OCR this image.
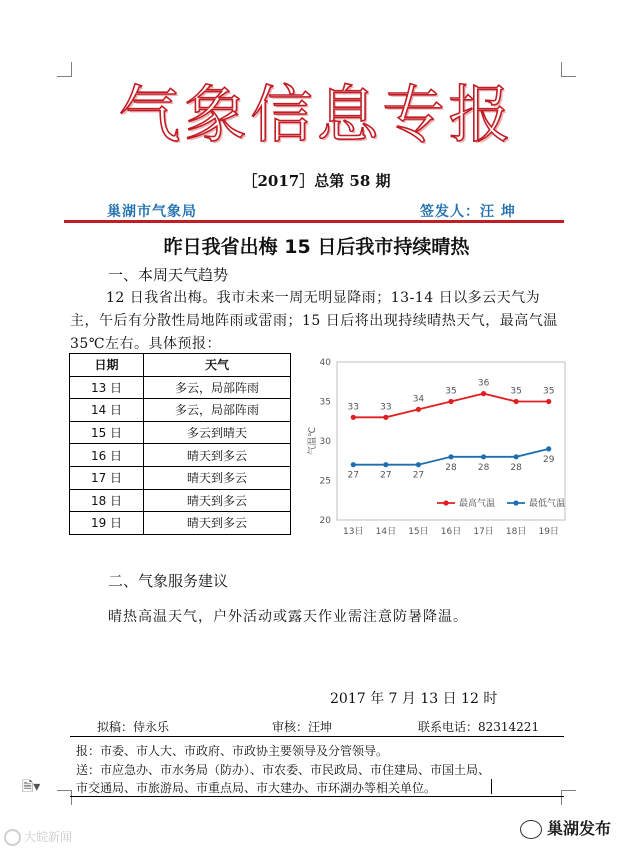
气象信息专报
［2017］总第 58 期
巢湖市气象局	签发人：汪 坤
昨日我省出梅 15 日后我市持续晴热
一、本周天气趋势
12 日我省出梅。我市未来一周无明显降雨；13-14 日以多云天气为主，午后有分散性局地阵雨或雷雨；15 日后将出现持续晴热天气，最高气温 35℃左右。具体预报：
日期	天气
13 日	多云，局部阵雨
14 日	多云，局部阵雨
15 日	多云到晴天
16 日	晴天到多云
17 日	晴天到多云
18 日	晴天到多云
19 日	晴天到多云	20
25
30
35
40
13日 14日 15日 16日 17日 18日 19日
气温℃
33 33
34
35
36
35 35
27 27 27
28 28 28
29
最高气温	最低气温
二、气象服务建议
晴热高温天气，户外活动或露天作业需注意防暑降温。
2017 年 7 月 13 日 12 时
拟稿：侍永乐	审核：汪坤	联系电话：82314221
报：市委、市人大、市政府、市政协主要领导及分管领导。
送：市应急办、市水务局（防办）、市农委、市民政局、市住建局、市国土局、
市交通局、市旅游局、市重点局、市大建办、市环湖办等相关单位。
🗎▾
大皖新闻	巢湖发布
